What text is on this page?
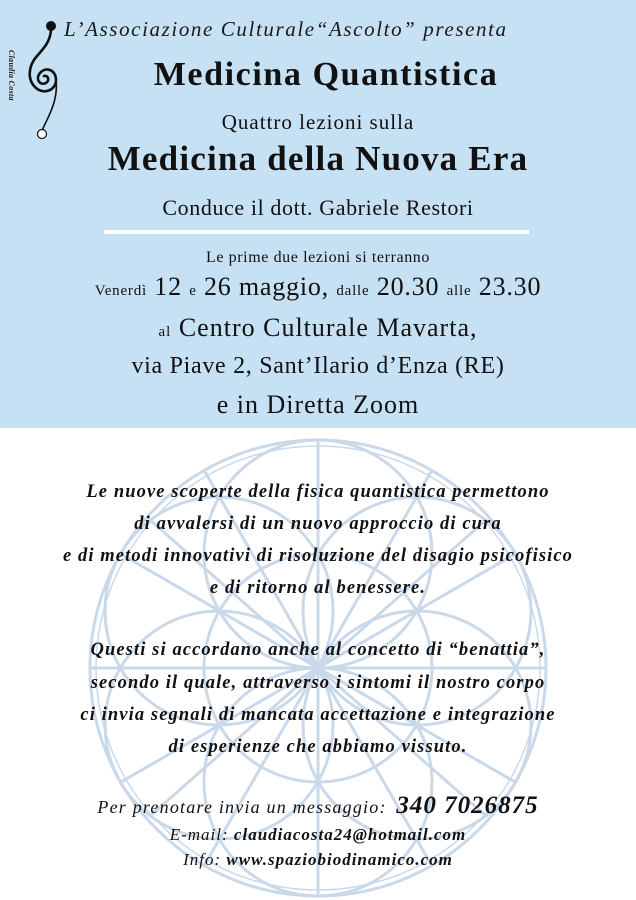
Claudia Costa
L’Associazione Culturale“Ascolto” presenta
Medicina Quantistica
Quattro lezioni sulla
Medicina della Nuova Era
Conduce il dott. Gabriele Restori
Le prime due lezioni si terranno
Venerdì 12 e 26 maggio, dalle 20.30 alle 23.30
al Centro Culturale Mavarta,
via Piave 2, Sant’Ilario d’Enza (RE)
e in Diretta Zoom
Le nuove scoperte della fisica quantistica permettono
di avvalersi di un nuovo approccio di cura
e di metodi innovativi di risoluzione del disagio psicofisico
e di ritorno al benessere.
Questi si accordano anche al concetto di “benattia”,
secondo il quale, attraverso i sintomi il nostro corpo
ci invia segnali di mancata accettazione e integrazione
di esperienze che abbiamo vissuto.
Per prenotare invia un messaggio: 340 7026875
E-mail: claudiacosta24@hotmail.com
Info: www.spaziobiodinamico.com
